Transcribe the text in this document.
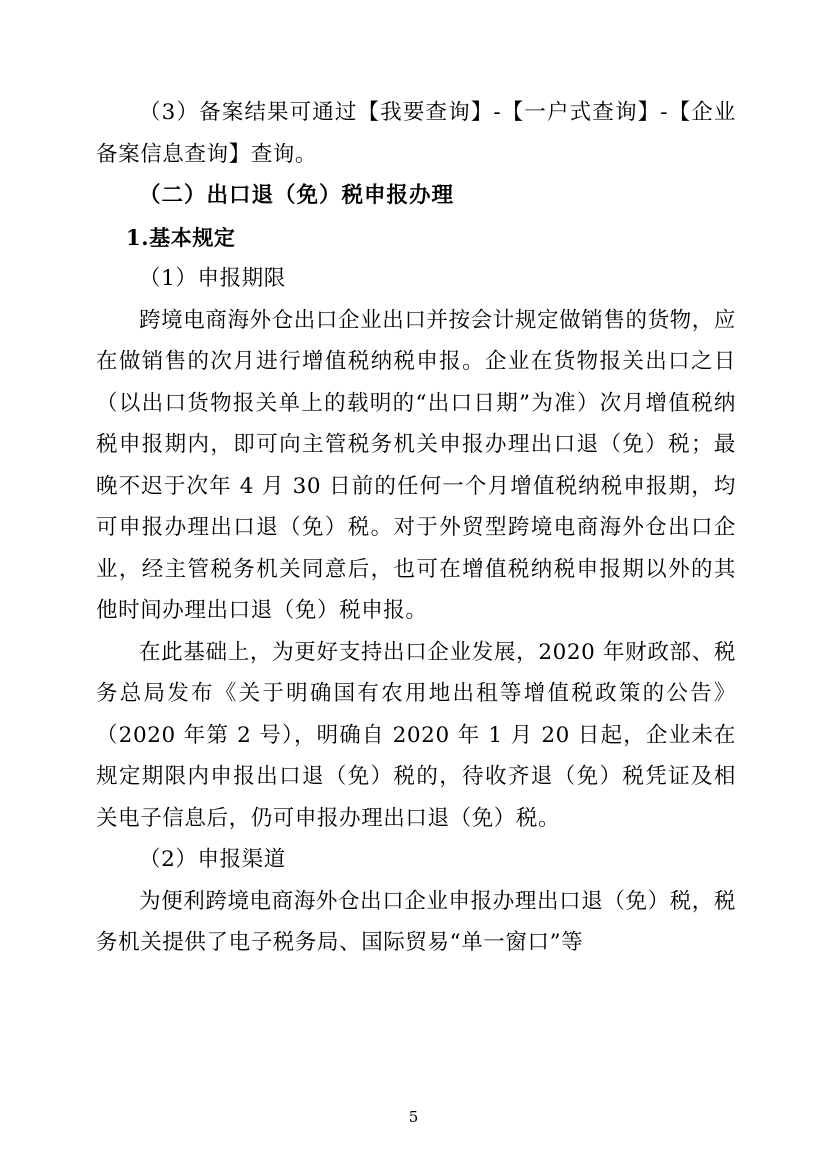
（3）备案结果可通过【我要查询】-【一户式查询】-【企业备案信息查询】查询。

（二）出口退（免）税申报办理

1.基本规定

（1）申报期限

跨境电商海外仓出口企业出口并按会计规定做销售的货物，应在做销售的次月进行增值税纳税申报。企业在货物报关出口之日（以出口货物报关单上的载明的“出口日期”为准）次月增值税纳税申报期内，即可向主管税务机关申报办理出口退（免）税；最晚不迟于次年 4 月 30 日前的任何一个月增值税纳税申报期，均可申报办理出口退（免）税。对于外贸型跨境电商海外仓出口企业，经主管税务机关同意后，也可在增值税纳税申报期以外的其他时间办理出口退（免）税申报。

在此基础上，为更好支持出口企业发展，2020 年财政部、税务总局发布《关于明确国有农用地出租等增值税政策的公告》（2020 年第 2 号），明确自 2020 年 1 月 20 日起，企业未在规定期限内申报出口退（免）税的，待收齐退（免）税凭证及相关电子信息后，仍可申报办理出口退（免）税。

（2）申报渠道

为便利跨境电商海外仓出口企业申报办理出口退（免）税，税务机关提供了电子税务局、国际贸易“单一窗口”等

5
